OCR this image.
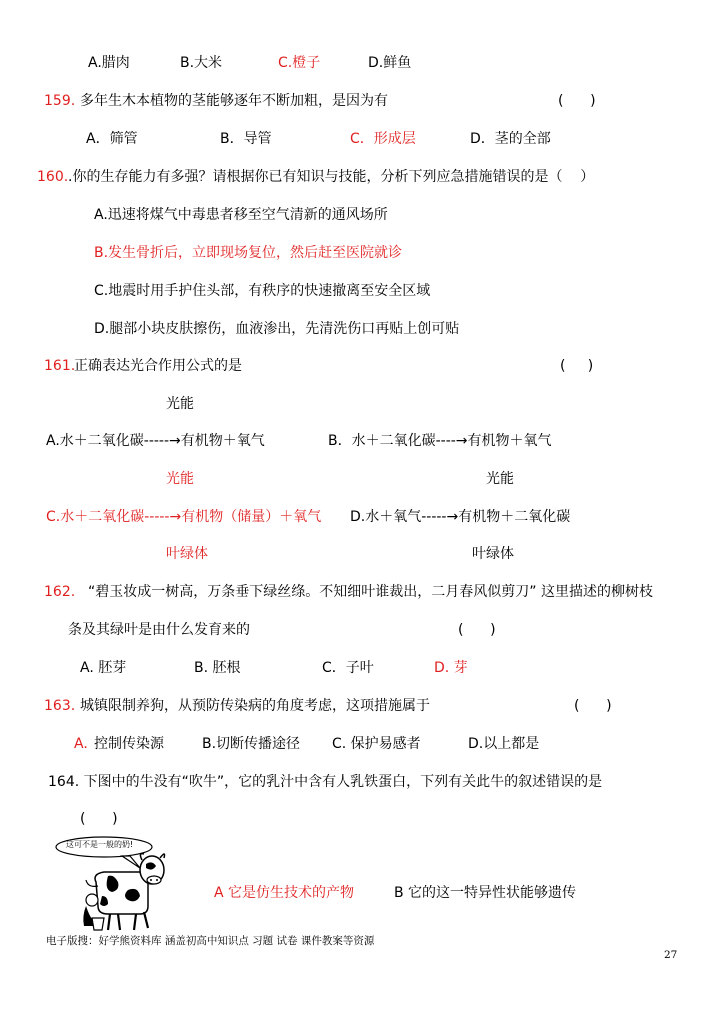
A.腊肉	B.大米	C.橙子	D.鲜鱼
159. 多年生木本植物的茎能够逐年不断加粗，是因为有	(      )
A．筛管	B．导管	C．形成层	D．茎的全部
160. .你的生存能力有多强？请根据你已有知识与技能，分析下列应急措施错误的是（    ）
A.迅速将煤气中毒患者移至空气清新的通风场所
B.发生骨折后，立即现场复位，然后赶至医院就诊
C.地震时用手护住头部，有秩序的快速撤离至安全区域
D.腿部小块皮肤擦伤，血液渗出，先清洗伤口再贴上创可贴
161.
正确表达光合作用公式的是	(     )
光能
A.水＋二氧化碳-----→有机物＋氧气	B．水＋二氧化碳----→有机物＋氧气
光能	光能
C.水＋二氧化碳-----→有机物（储量）＋氧气 D.水＋氧气-----→有机物＋二氧化碳
叶绿体	叶绿体
162. “碧玉妆成一树高，万条垂下绿丝绦。不知细叶谁裁出，二月春风似剪刀” 这里描述的柳树枝
条及其绿叶是由什么发育来的	(      )
A. 胚芽	B. 胚根	C．子叶	D. 芽
163. 城镇限制养狗，从预防传染病的角度考虑，这项措施属于	(      )
A. 控制传染源	B.切断传播途径 C. 保护易感者	D.以上都是
164. 下图中的牛没有“吹牛”，它的乳汁中含有人乳铁蛋白，下列有关此牛的叙述错误的是
(      )
这可不是一般的奶!
A 它是仿生技术的产物	B 它的这一特异性状能够遗传
电子版搜：好学熊资料库 涵盖初高中知识点 习题 试卷 课件教案等资源
27
